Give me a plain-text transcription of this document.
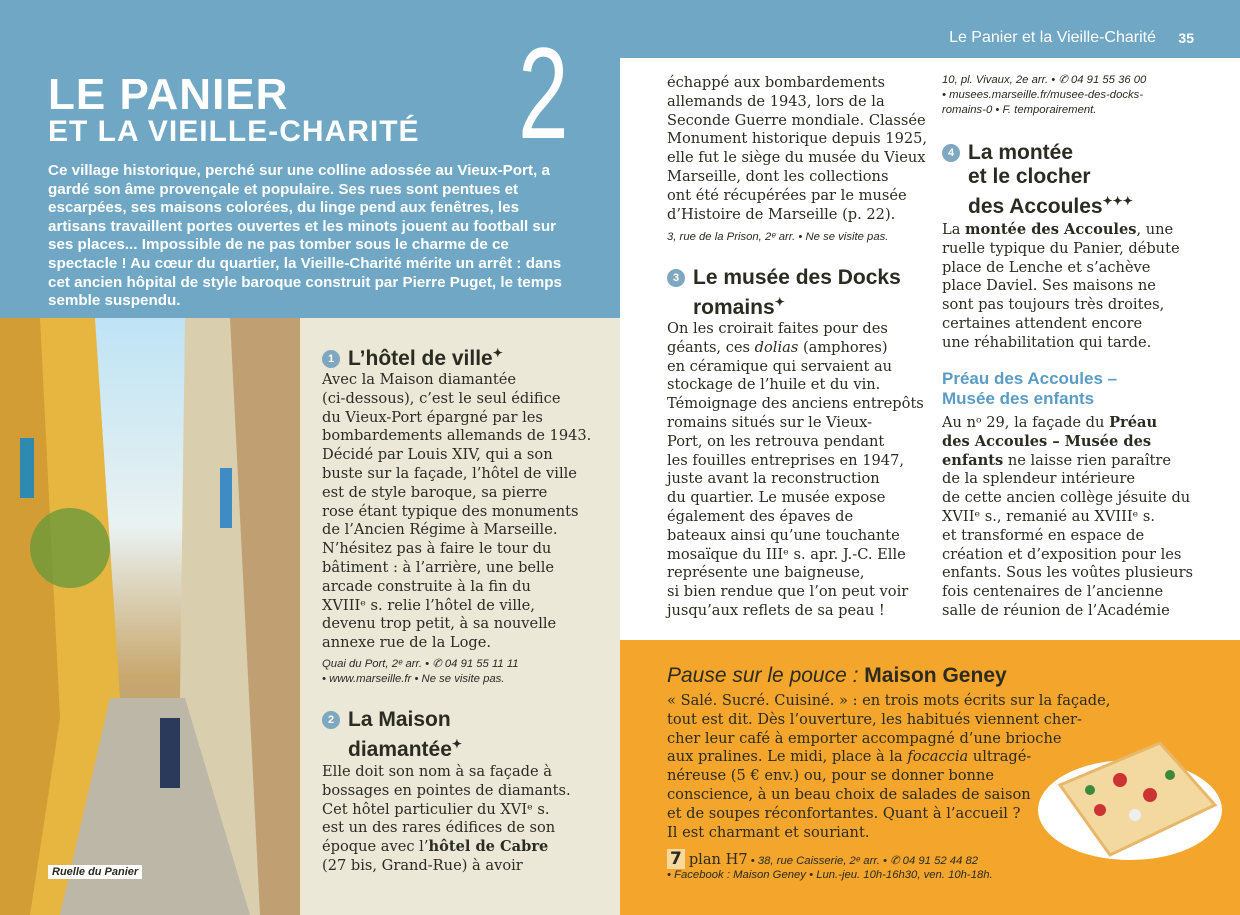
Le Panier et la Vieille-Charité 35
LE PANIER
ET LA VIEILLE-CHARITÉ 2
Ce village historique, perché sur une colline adossée au Vieux-Port, a gardé son âme provençale et populaire. Ses rues sont pentues et escarpées, ses maisons colorées, du linge pend aux fenêtres, les artisans travaillent portes ouvertes et les minots jouent au football sur ses places... Impossible de ne pas tomber sous le charme de ce spectacle ! Au cœur du quartier, la Vieille-Charité mérite un arrêt : dans cet ancien hôpital de style baroque construit par Pierre Puget, le temps semble suspendu.
Ruelle du Panier
1 L’hôtel de ville✦
Avec la Maison diamantée
(ci-dessous), c’est le seul édifice
du Vieux-Port épargné par les
bombardements allemands de 1943.
Décidé par Louis XIV, qui a son
buste sur la façade, l’hôtel de ville
est de style baroque, sa pierre
rose étant typique des monuments
de l’Ancien Régime à Marseille.
N’hésitez pas à faire le tour du
bâtiment : à l’arrière, une belle
arcade construite à la fin du
XVIIIᵉ s. relie l’hôtel de ville,
devenu trop petit, à sa nouvelle
annexe rue de la Loge.
Quai du Port, 2ᵉ arr. • ✆ 04 91 55 11 11
• www.marseille.fr • Ne se visite pas.
2 La Maison
diamantée✦
Elle doit son nom à sa façade à
bossages en pointes de diamants.
Cet hôtel particulier du XVIᵉ s.
est un des rares édifices de son
époque avec l’hôtel de Cabre
(27 bis, Grand-Rue) à avoir
échappé aux bombardements
allemands de 1943, lors de la
Seconde Guerre mondiale. Classée
Monument historique depuis 1925,
elle fut le siège du musée du Vieux
Marseille, dont les collections
ont été récupérées par le musée
d’Histoire de Marseille (p. 22).
3, rue de la Prison, 2ᵉ arr. • Ne se visite pas.
3 Le musée des Docks
romains✦
On les croirait faites pour des
géants, ces dolias (amphores)
en céramique qui servaient au
stockage de l’huile et du vin.
Témoignage des anciens entrepôts
romains situés sur le Vieux-
Port, on les retrouva pendant
les fouilles entreprises en 1947,
juste avant la reconstruction
du quartier. Le musée expose
également des épaves de
bateaux ainsi qu’une touchante
mosaïque du IIIᵉ s. apr. J.-C. Elle
représente une baigneuse,
si bien rendue que l’on peut voir
jusqu’aux reflets de sa peau !
10, pl. Vivaux, 2e arr. • ✆ 04 91 55 36 00
• musees.marseille.fr/musee-des-docks-
romains-0 • F. temporairement.
4 La montée
et le clocher
des Accoules✦✦✦
La montée des Accoules, une
ruelle typique du Panier, débute
place de Lenche et s’achève
place Daviel. Ses maisons ne
sont pas toujours très droites,
certaines attendent encore
une réhabilitation qui tarde.
Préau des Accoules –
Musée des enfants
Au nᵒ 29, la façade du Préau
des Accoules – Musée des
enfants ne laisse rien paraître
de la splendeur intérieure
de cette ancien collège jésuite du
XVIIᵉ s., remanié au XVIIIᵉ s.
et transformé en espace de
création et d’exposition pour les
enfants. Sous les voûtes plusieurs
fois centenaires de l’ancienne
salle de réunion de l’Académie
Pause sur le pouce : Maison Geney
« Salé. Sucré. Cuisiné. » : en trois mots écrits sur la façade,
tout est dit. Dès l’ouverture, les habitués viennent cher-
cher leur café à emporter accompagné d’une brioche
aux pralines. Le midi, place à la focaccia ultragé-
néreuse (5 € env.) ou, pour se donner bonne
conscience, à un beau choix de salades de saison
et de soupes réconfortantes. Quant à l’accueil ?
Il est charmant et souriant.
7 plan H7 • 38, rue Caisserie, 2ᵉ arr. • ✆ 04 91 52 44 82
• Facebook : Maison Geney • Lun.-jeu. 10h-16h30, ven. 10h-18h.
